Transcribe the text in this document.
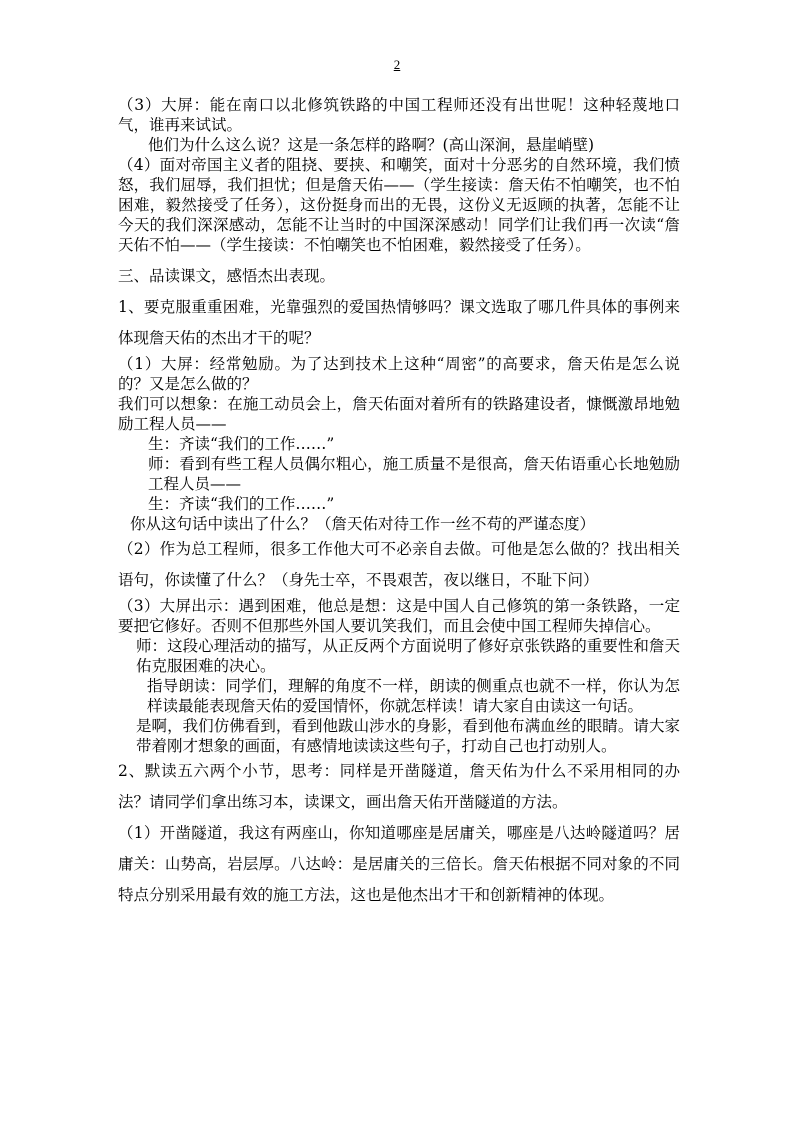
2

（3）大屏：能在南口以北修筑铁路的中国工程师还没有出世呢！这种轻蔑地口气，谁再来试试。

他们为什么这么说？这是一条怎样的路啊？(高山深涧，悬崖峭壁)

（4）面对帝国主义者的阻挠、要挟、和嘲笑，面对十分恶劣的自然环境，我们愤怒，我们屈辱，我们担忧；但是詹天佑——（学生接读：詹天佑不怕嘲笑，也不怕困难，毅然接受了任务），这份挺身而出的无畏，这份义无返顾的执著，怎能不让今天的我们深深感动，怎能不让当时的中国深深感动！同学们让我们再一次读“詹天佑不怕——（学生接读：不怕嘲笑也不怕困难，毅然接受了任务）。

三、品读课文，感悟杰出表现。

1、要克服重重困难，光靠强烈的爱国热情够吗？课文选取了哪几件具体的事例来体现詹天佑的杰出才干的呢？

（1）大屏：经常勉励。为了达到技术上这种“周密”的高要求，詹天佑是怎么说的？又是怎么做的？

我们可以想象：在施工动员会上，詹天佑面对着所有的铁路建设者，慷慨激昂地勉励工程人员——

生：齐读“我们的工作……”

师：看到有些工程人员偶尔粗心，施工质量不是很高，詹天佑语重心长地勉励工程人员——

生：齐读“我们的工作……”

你从这句话中读出了什么？（詹天佑对待工作一丝不苟的严谨态度）

（2）作为总工程师，很多工作他大可不必亲自去做。可他是怎么做的？找出相关语句，你读懂了什么？（身先士卒，不畏艰苦，夜以继日，不耻下问）

（3）大屏出示：遇到困难，他总是想：这是中国人自己修筑的第一条铁路，一定要把它修好。否则不但那些外国人要讥笑我们，而且会使中国工程师失掉信心。

师：这段心理活动的描写，从正反两个方面说明了修好京张铁路的重要性和詹天佑克服困难的决心。

指导朗读：同学们，理解的角度不一样，朗读的侧重点也就不一样，你认为怎样读最能表现詹天佑的爱国情怀，你就怎样读！请大家自由读这一句话。

是啊，我们仿佛看到，看到他跋山涉水的身影，看到他布满血丝的眼睛。请大家带着刚才想象的画面，有感情地读读这些句子，打动自己也打动别人。

2、默读五六两个小节，思考：同样是开凿隧道，詹天佑为什么不采用相同的办法？请同学们拿出练习本，读课文，画出詹天佑开凿隧道的方法。

（1）开凿隧道，我这有两座山，你知道哪座是居庸关，哪座是八达岭隧道吗？居庸关：山势高，岩层厚。八达岭：是居庸关的三倍长。詹天佑根据不同对象的不同特点分别采用最有效的施工方法，这也是他杰出才干和创新精神的体现。
